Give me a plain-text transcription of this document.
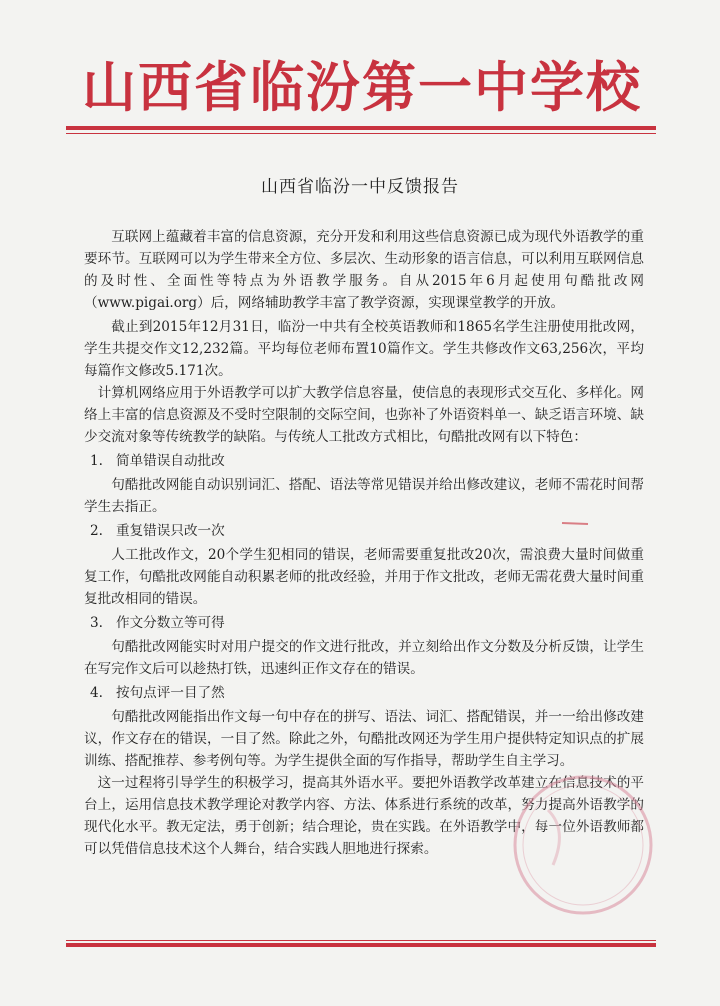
山西省临汾第一中学校
山西省临汾一中反馈报告

互联网上蕴藏着丰富的信息资源，充分开发和利用这些信息资源已成为现代外语教学的重要环节。互联网可以为学生带来全方位、多层次、生动形象的语言信息，可以利用互联网信息的及时性、全面性等特点为外语教学服务。自从2015年6月起使用句酷批改网（www.pigai.org）后，网络辅助教学丰富了教学资源，实现课堂教学的开放。

截止到2015年12月31日，临汾一中共有全校英语教师和1865名学生注册使用批改网，学生共提交作文12,232篇。平均每位老师布置10篇作文。学生共修改作文63,256次，平均每篇作文修改5.171次。

计算机网络应用于外语教学可以扩大教学信息容量，使信息的表现形式交互化、多样化。网络上丰富的信息资源及不受时空限制的交际空间，也弥补了外语资料单一、缺乏语言环境、缺少交流对象等传统教学的缺陷。与传统人工批改方式相比，句酷批改网有以下特色：

1. 简单错误自动批改

句酷批改网能自动识别词汇、搭配、语法等常见错误并给出修改建议，老师不需花时间帮学生去指正。

2. 重复错误只改一次

人工批改作文，20个学生犯相同的错误，老师需要重复批改20次，需浪费大量时间做重复工作，句酷批改网能自动积累老师的批改经验，并用于作文批改，老师无需花费大量时间重复批改相同的错误。

3. 作文分数立等可得

句酷批改网能实时对用户提交的作文进行批改，并立刻给出作文分数及分析反馈，让学生在写完作文后可以趁热打铁，迅速纠正作文存在的错误。

4. 按句点评一目了然

句酷批改网能指出作文每一句中存在的拼写、语法、词汇、搭配错误，并一一给出修改建议，作文存在的错误，一目了然。除此之外，句酷批改网还为学生用户提供特定知识点的扩展训练、搭配推荐、参考例句等。为学生提供全面的写作指导，帮助学生自主学习。

这一过程将引导学生的积极学习，提高其外语水平。要把外语教学改革建立在信息技术的平台上，运用信息技术教学理论对教学内容、方法、体系进行系统的改革，努力提高外语教学的现代化水平。教无定法，勇于创新；结合理论，贵在实践。在外语教学中，每一位外语教师都可以凭借信息技术这个人舞台，结合实践人胆地进行探索。
